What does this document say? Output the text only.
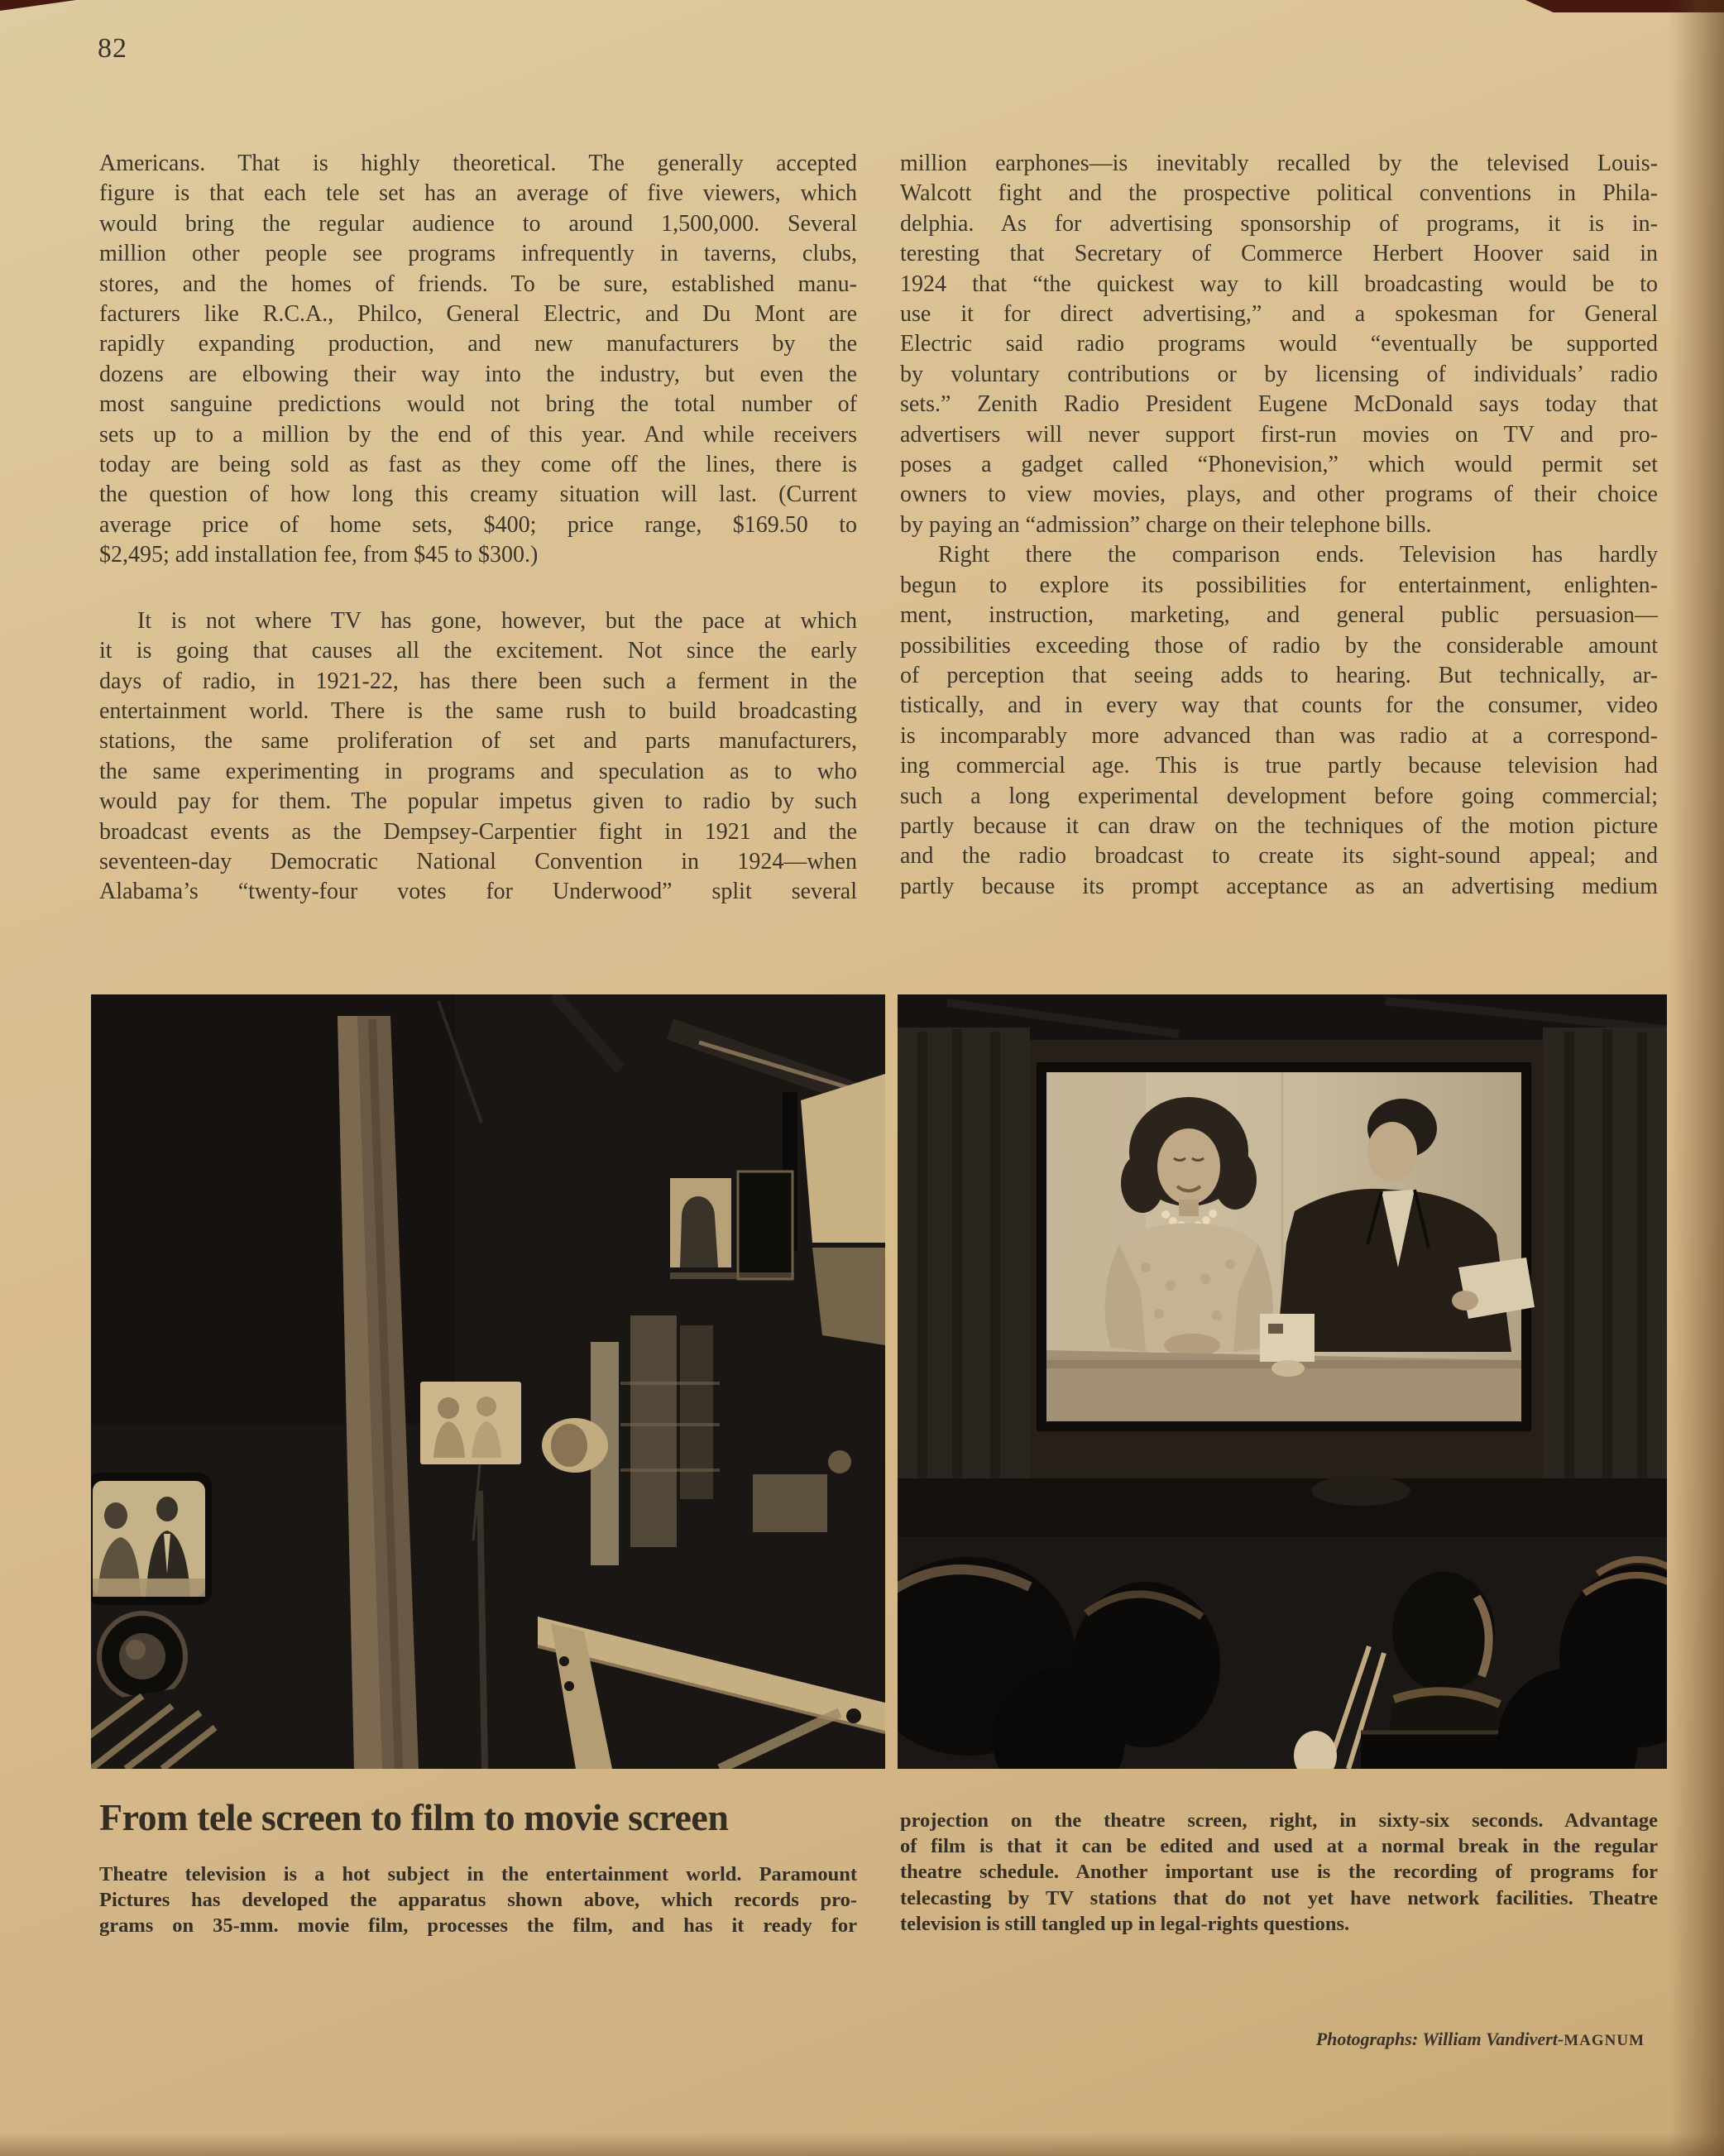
82
Americans. That is highly theoretical. The generally accepted
figure is that each tele set has an average of five viewers, which
would bring the regular audience to around 1,500,000. Several
million other people see programs infrequently in taverns, clubs,
stores, and the homes of friends. To be sure, established manu-
facturers like R.C.A., Philco, General Electric, and Du Mont are
rapidly expanding production, and new manufacturers by the
dozens are elbowing their way into the industry, but even the
most sanguine predictions would not bring the total number of
sets up to a million by the end of this year. And while receivers
today are being sold as fast as they come off the lines, there is
the question of how long this creamy situation will last. (Current
average price of home sets, $400; price range, $169.50 to
$2,495; add installation fee, from $45 to $300.)
It is not where TV has gone, however, but the pace at which
it is going that causes all the excitement. Not since the early
days of radio, in 1921-22, has there been such a ferment in the
entertainment world. There is the same rush to build broadcasting
stations, the same proliferation of set and parts manufacturers,
the same experimenting in programs and speculation as to who
would pay for them. The popular impetus given to radio by such
broadcast events as the Dempsey-Carpentier fight in 1921 and the
seventeen-day Democratic National Convention in 1924—when
Alabama’s “twenty-four votes for Underwood” split several
million earphones—is inevitably recalled by the televised Louis-
Walcott fight and the prospective political conventions in Phila-
delphia. As for advertising sponsorship of programs, it is in-
teresting that Secretary of Commerce Herbert Hoover said in
1924 that “the quickest way to kill broadcasting would be to
use it for direct advertising,” and a spokesman for General
Electric said radio programs would “eventually be supported
by voluntary contributions or by licensing of individuals’ radio
sets.” Zenith Radio President Eugene McDonald says today that
advertisers will never support first-run movies on TV and pro-
poses a gadget called “Phonevision,” which would permit set
owners to view movies, plays, and other programs of their choice
by paying an “admission” charge on their telephone bills.
Right there the comparison ends. Television has hardly
begun to explore its possibilities for entertainment, enlighten-
ment, instruction, marketing, and general public persuasion—
possibilities exceeding those of radio by the considerable amount
of perception that seeing adds to hearing. But technically, ar-
tistically, and in every way that counts for the consumer, video
is incomparably more advanced than was radio at a correspond-
ing commercial age. This is true partly because television had
such a long experimental development before going commercial;
partly because it can draw on the techniques of the motion picture
and the radio broadcast to create its sight-sound appeal; and
partly because its prompt acceptance as an advertising medium
From tele screen to film to movie screen
Theatre television is a hot subject in the entertainment world. Paramount
Pictures has developed the apparatus shown above, which records pro-
grams on 35-mm. movie film, processes the film, and has it ready for
projection on the theatre screen, right, in sixty-six seconds. Advantage
of film is that it can be edited and used at a normal break in the regular
theatre schedule. Another important use is the recording of programs for
telecasting by TV stations that do not yet have network facilities. Theatre
television is still tangled up in legal-rights questions.
Photographs: William Vandivert-MAGNUM
